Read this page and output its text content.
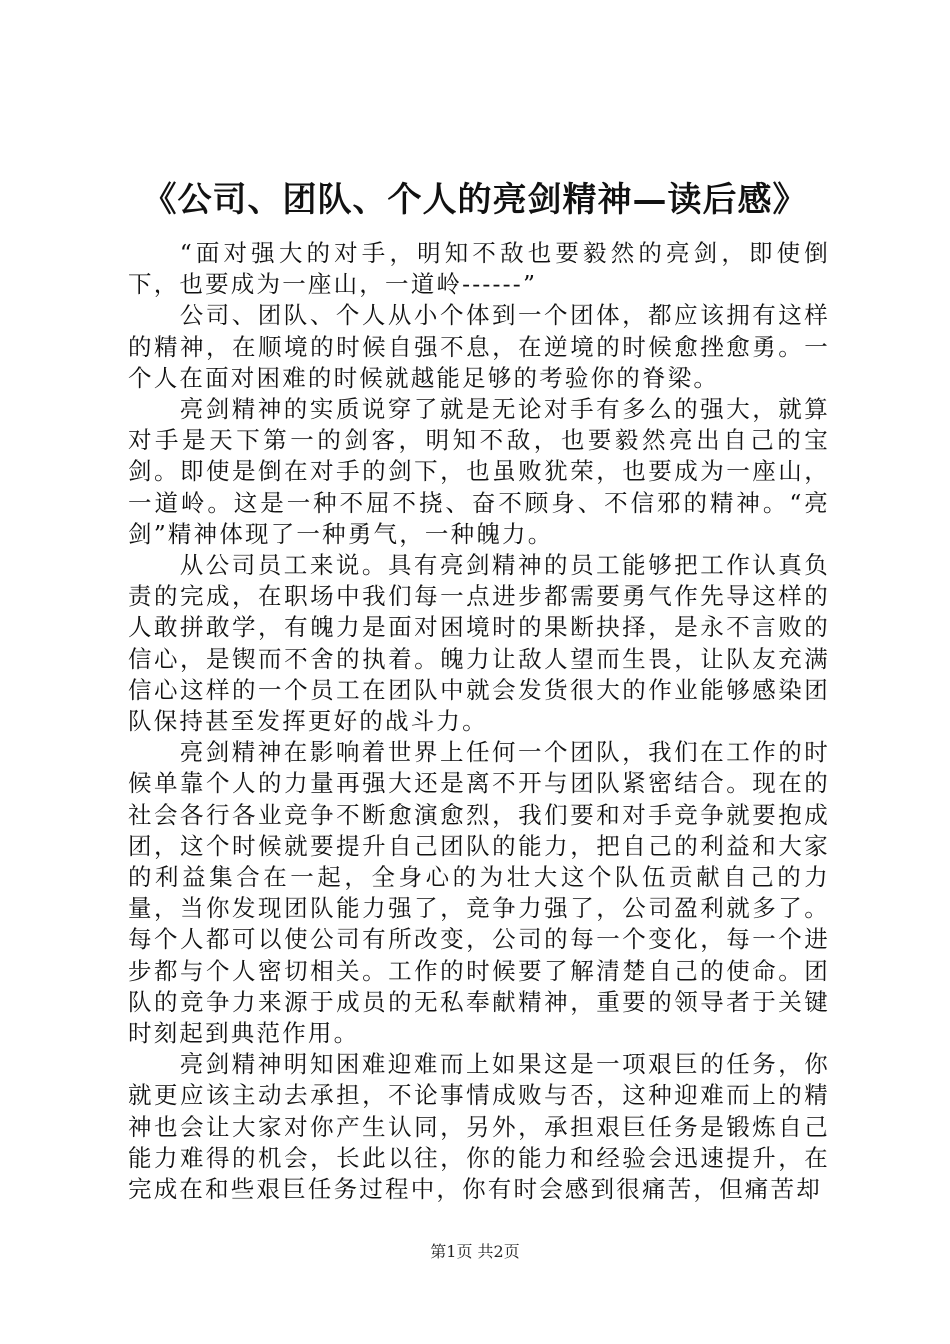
《公司、团队、个人的亮剑精神—读后感》

“面对强大的对手，明知不敌也要毅然的亮剑，即使倒下，也要成为一座山，一道岭------”

公司、团队、个人从小个体到一个团体，都应该拥有这样的精神，在顺境的时候自强不息，在逆境的时候愈挫愈勇。一个人在面对困难的时候就越能足够的考验你的脊梁。

亮剑精神的实质说穿了就是无论对手有多么的强大，就算对手是天下第一的剑客，明知不敌，也要毅然亮出自己的宝剑。即使是倒在对手的剑下，也虽败犹荣，也要成为一座山，一道岭。这是一种不屈不挠、奋不顾身、不信邪的精神。“亮剑”精神体现了一种勇气，一种魄力。

从公司员工来说。具有亮剑精神的员工能够把工作认真负责的完成，在职场中我们每一点进步都需要勇气作先导这样的人敢拼敢学，有魄力是面对困境时的果断抉择，是永不言败的信心，是锲而不舍的执着。魄力让敌人望而生畏，让队友充满信心这样的一个员工在团队中就会发货很大的作业能够感染团队保持甚至发挥更好的战斗力。

亮剑精神在影响着世界上任何一个团队，我们在工作的时候单靠个人的力量再强大还是离不开与团队紧密结合。现在的社会各行各业竞争不断愈演愈烈，我们要和对手竞争就要抱成团，这个时候就要提升自己团队的能力，把自己的利益和大家的利益集合在一起，全身心的为壮大这个队伍贡献自己的力量，当你发现团队能力强了，竞争力强了，公司盈利就多了。每个人都可以使公司有所改变，公司的每一个变化，每一个进步都与个人密切相关。工作的时候要了解清楚自己的使命。团队的竞争力来源于成员的无私奉献精神，重要的领导者于关键时刻起到典范作用。

亮剑精神明知困难迎难而上如果这是一项艰巨的任务，你就更应该主动去承担，不论事情成败与否，这种迎难而上的精神也会让大家对你产生认同，另外，承担艰巨任务是锻炼自己能力难得的机会，长此以往，你的能力和经验会迅速提升，在完成在和些艰巨任务过程中，你有时会感到很痛苦，但痛苦却

第1页 共2页
